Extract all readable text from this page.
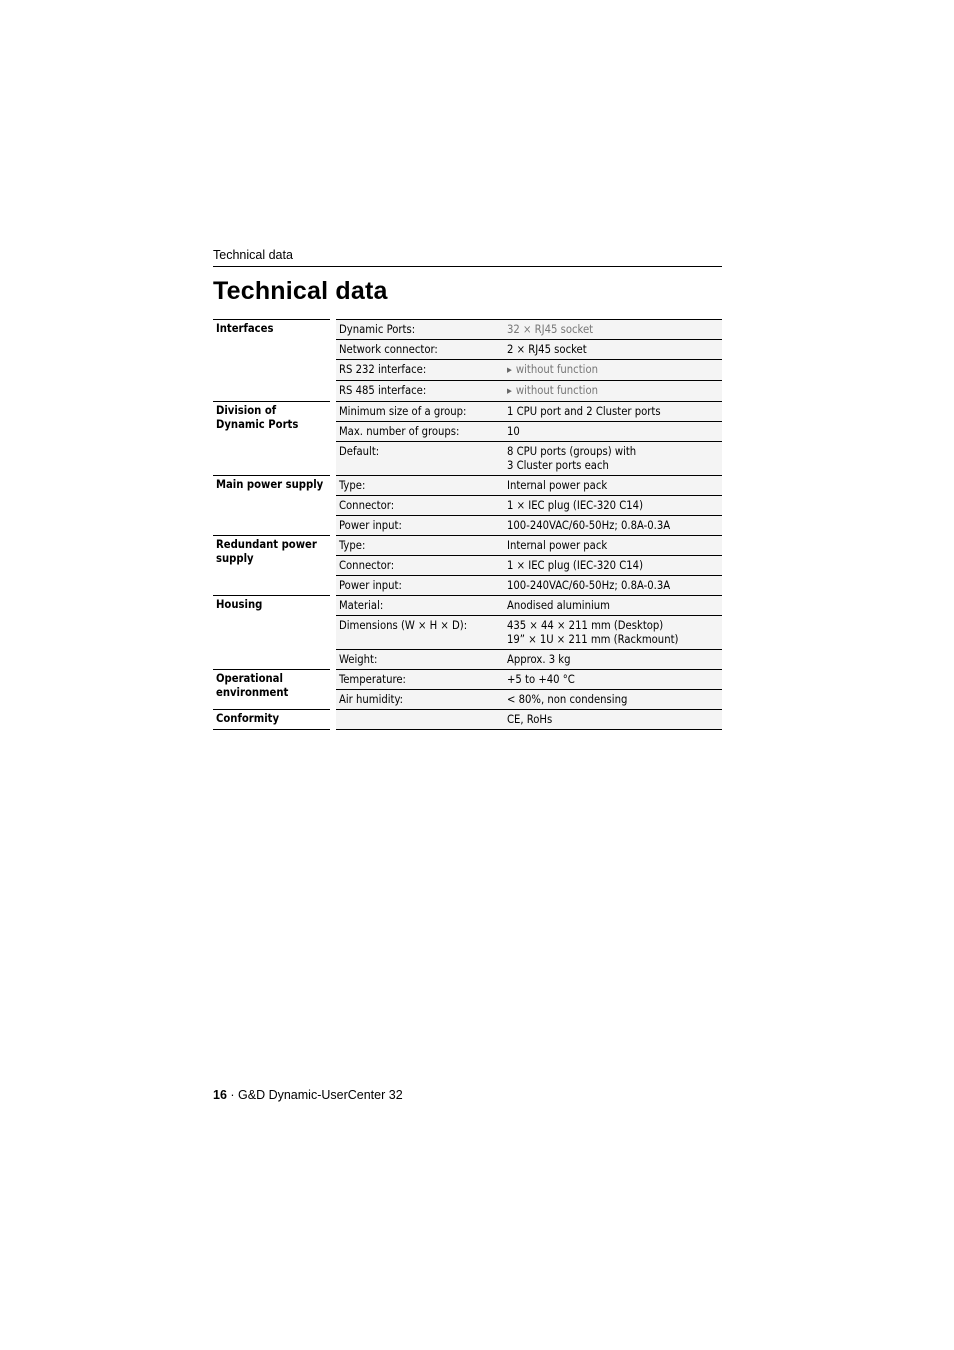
Technical data
Technical data
Interfaces		Dynamic Ports:	32 × RJ45 socket
		Network connector:	2 × RJ45 socket
		RS 232 interface:	▶ without function
		RS 485 interface:	▶ without function
Division of Dynamic Ports		Minimum size of a group:	1 CPU port and 2 Cluster ports
		Max. number of groups:	10
		Default:	8 CPU ports (groups) with
3 Cluster ports each

Main power supply		Type:	Internal power pack
		Connector:	1 × IEC plug (IEC-320 C14)
		Power input:	100-240VAC/60-50Hz; 0.8A-0.3A
Redundant power supply		Type:	Internal power pack
		Connector:	1 × IEC plug (IEC-320 C14)
		Power input:	100-240VAC/60-50Hz; 0.8A-0.3A
Housing		Material:	Anodised aluminium
		Dimensions (W × H × D):	435 × 44 × 211 mm (Desktop)
19” × 1U × 211 mm (Rackmount)

		Weight:	Approx. 3 kg
Operational environment		Temperature:	+5 to +40 °C
		Air humidity:	< 80%, non condensing
Conformity			CE, RoHs
16 · G&D Dynamic-UserCenter 32
